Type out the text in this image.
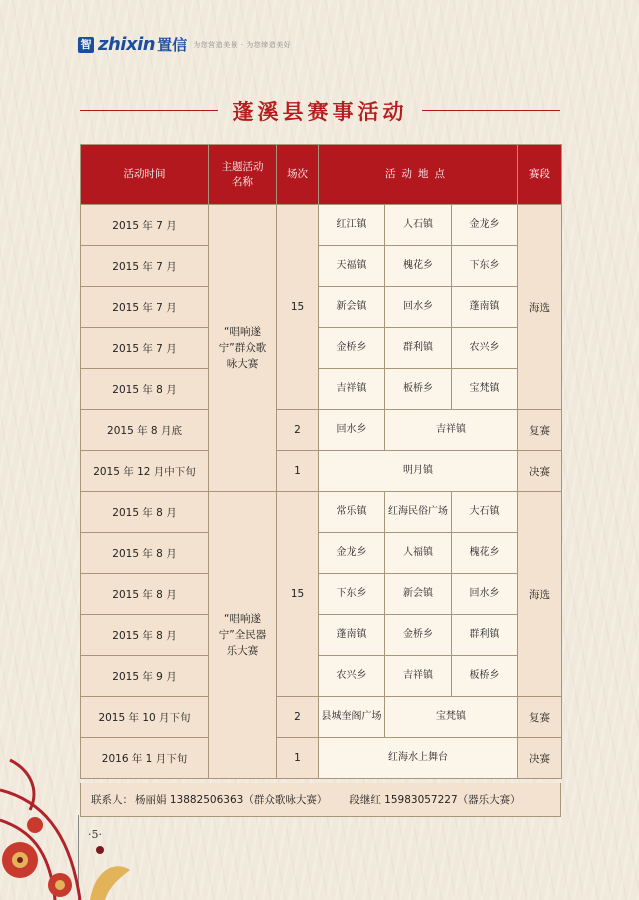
智 zhixin 置信 为您营造美景 · 为您缔造美好
蓬溪县赛事活动
活动时间	主题活动名称	场次	活动地点			赛段
2015 年 7 月	“唱响遂宁”群众歌咏大赛	15	红江镇	人石镇	金龙乡	海选
2015 年 7 月			天福镇	槐花乡	下东乡	
2015 年 7 月			新会镇	回水乡	蓬南镇	
2015 年 7 月			金桥乡	群利镇	农兴乡	
2015 年 8 月			吉祥镇	板桥乡	宝梵镇	
2015 年 8 月底		2	回水乡	吉祥镇		复赛
2015 年 12 月中下旬		1	明月镇			决赛
2015 年 8 月	“唱响遂宁”全民器乐大赛	15	常乐镇	红海民俗广场	大石镇	海选
2015 年 8 月			金龙乡	人福镇	槐花乡	
2015 年 8 月			下东乡	新会镇	回水乡	
2015 年 8 月			蓬南镇	金桥乡	群利镇	
2015 年 9 月			农兴乡	吉祥镇	板桥乡	
2015 年 10 月下旬		2	县城奎阁广场	宝梵镇		复赛
2016 年 1 月下旬		1	红海水上舞台			决赛
联系人： 杨丽娟 13882506363（群众歌咏大赛） 段继红 15983057227（器乐大赛）
·5·
